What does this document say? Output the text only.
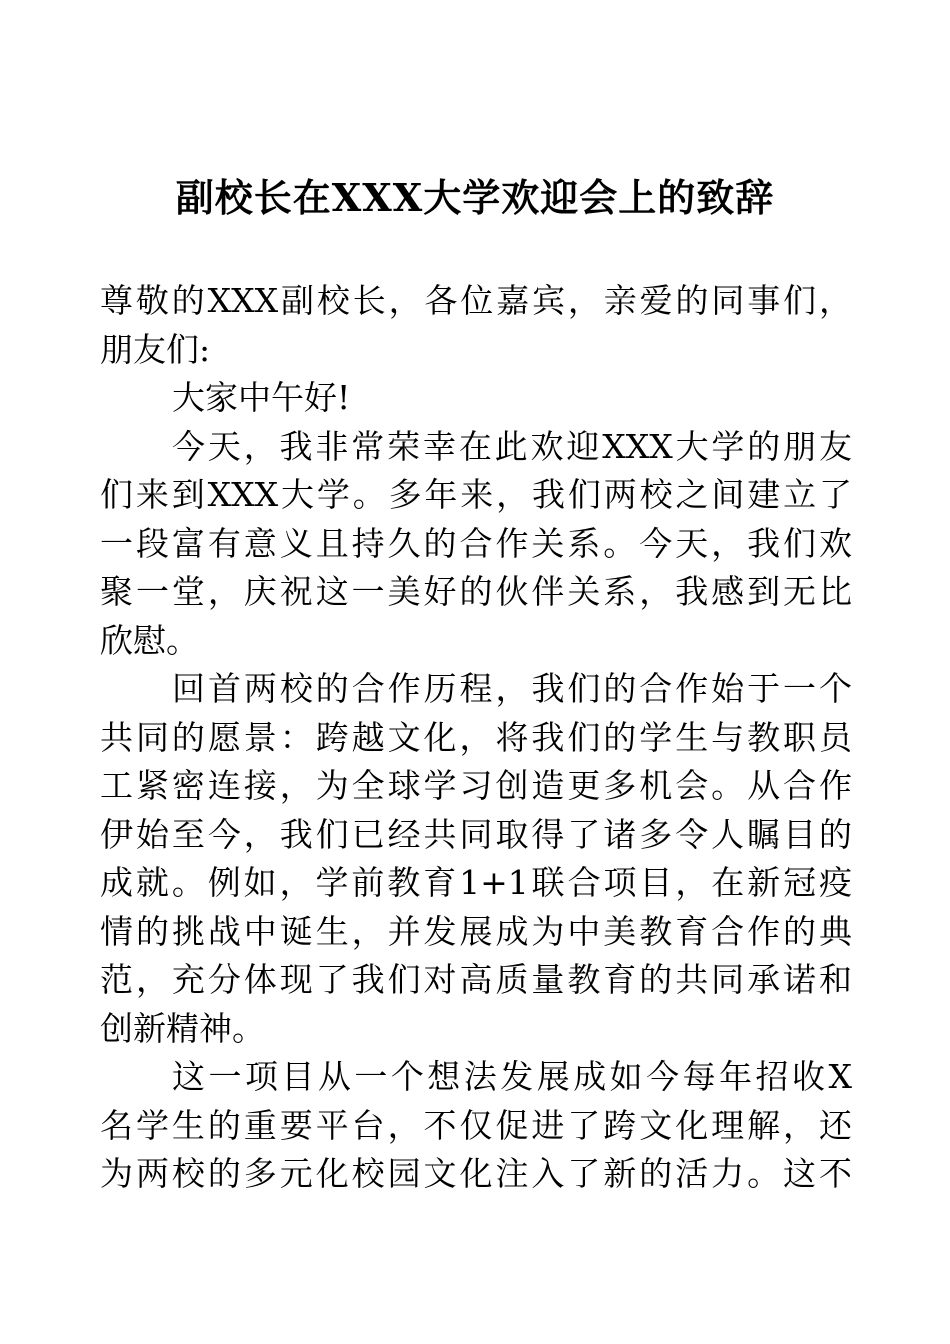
副校长在XXX大学欢迎会上的致辞
尊敬的XXX副校长，各位嘉宾，亲爱的同事们，
朋友们:
大家中午好!
今天，我非常荣幸在此欢迎XXX大学的朋友
们来到XXX大学。多年来，我们两校之间建立了
一段富有意义且持久的合作关系。今天，我们欢
聚一堂，庆祝这一美好的伙伴关系，我感到无比
欣慰。
回首两校的合作历程，我们的合作始于一个
共同的愿景：跨越文化，将我们的学生与教职员
工紧密连接，为全球学习创造更多机会。从合作
伊始至今，我们已经共同取得了诸多令人瞩目的
成就。例如，学前教育1+1联合项目，在新冠疫
情的挑战中诞生，并发展成为中美教育合作的典
范，充分体现了我们对高质量教育的共同承诺和
创新精神。
这一项目从一个想法发展成如今每年招收X
名学生的重要平台，不仅促进了跨文化理解，还
为两校的多元化校园文化注入了新的活力。这不
